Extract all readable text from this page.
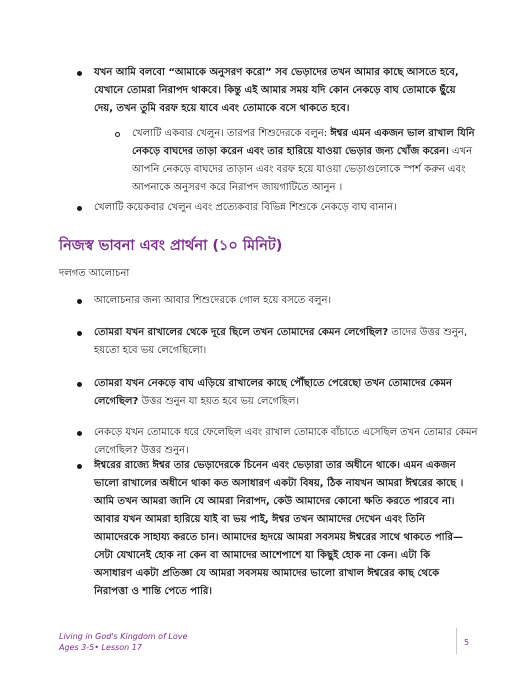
যখন আমি বলবো “আমাকে অনুসরণ করো” সব ভেড়াদের তখন আমার কাছে আসতে হবে,
যেখানে তোমরা নিরাপদ থাকবে। কিন্তু এই আমার সময় যদি কোন নেকড়ে বাঘ তোমাকে ছুঁয়ে
দেয়, তখন তুমি বরফ হয়ে যাবে এবং তোমাকে বসে থাকতে হবে।
খেলাটি একবার খেলুন। তারপর শিশুদেরকে বলুন: ঈশ্বর এমন একজন ভাল রাখাল যিনি
নেকড়ে বাঘদের তাড়া করেন এবং তার হারিয়ে যাওয়া ভেড়ার জন্য খোঁজ করেন। এখন
আপনি নেকড়ে বাঘদের তাড়ান এবং বরফ হয়ে যাওয়া ভেড়াগুলোকে স্পর্শ করুন এবং
আপনাকে অনুসরণ করে নিরাপদ জায়গাটিতে আনুন ।
খেলাটি কয়েকবার খেলুন এবং প্রত্যেকবার বিভিন্ন শিশুকে নেকড়ে বাঘ বানান।
নিজস্ব ভাবনা এবং প্রার্থনা (১০ মিনিট)
দলগত আলোচনা
আলোচনার জন্য আবার শিশুদেরকে গোল হয়ে বসতে বলুন।
তোমরা যখন রাখালের থেকে দূরে ছিলে তখন তোমাদের কেমন লেগেছিল? তাদের উত্তর শুনুন,
হয়তো হবে ভয় লেগেছিলো।
তোমরা যখন নেকড়ে বাঘ এড়িয়ে রাখালের কাছে পৌঁছাতে পেরেছো তখন তোমাদের কেমন
লেগেছিল? উত্তর শুনুন যা হয়ত হবে ভয় লেগেছিল।
নেকড়ে যখন তোমাকে ধরে ফেলেছিল এবং রাখাল তোমাকে বাঁচাতে এসেছিল তখন তোমার কেমন
লেগেছিল? উত্তর শুনুন।
ঈশ্বরের রাজ্যে ঈশ্বর তার ভেড়াদেরকে চিনেন এবং ভেড়ারা তার অধীনে থাকে। এমন একজন
ভালো রাখালের অধীনে থাকা কত অসাধারণ একটা বিষয়, ঠিক নাযখন আমরা ঈশ্বরের কাছে ।
আমি তখন আমরা জানি যে আমরা নিরাপদ, কেউ আমাদের কোনো ক্ষতি করতে পারবে না।
আবার যখন আমরা হারিয়ে যাই বা ভয় পাই, ঈশ্বর তখন আমাদের দেখেন এবং তিনি
আমাদেরকে সাহায্য করতে চান। আমাদের হৃদয়ে আমরা সবসময় ঈশ্বরের সাথে থাকতে পারি—
সেটা যেখানেই হোক না কেন বা আমাদের আশেপাশে যা কিছুই হোক না কেন। এটা কি
অসাধারণ একটা প্রতিজ্ঞা যে আমরা সবসময় আমাদের ভালো রাখাল ঈশ্বরের কাছ থেকে
নিরাপত্তা ও শান্তি পেতে পারি।
Living in God's Kingdom of Love
Ages 3-5• Lesson 17
5
